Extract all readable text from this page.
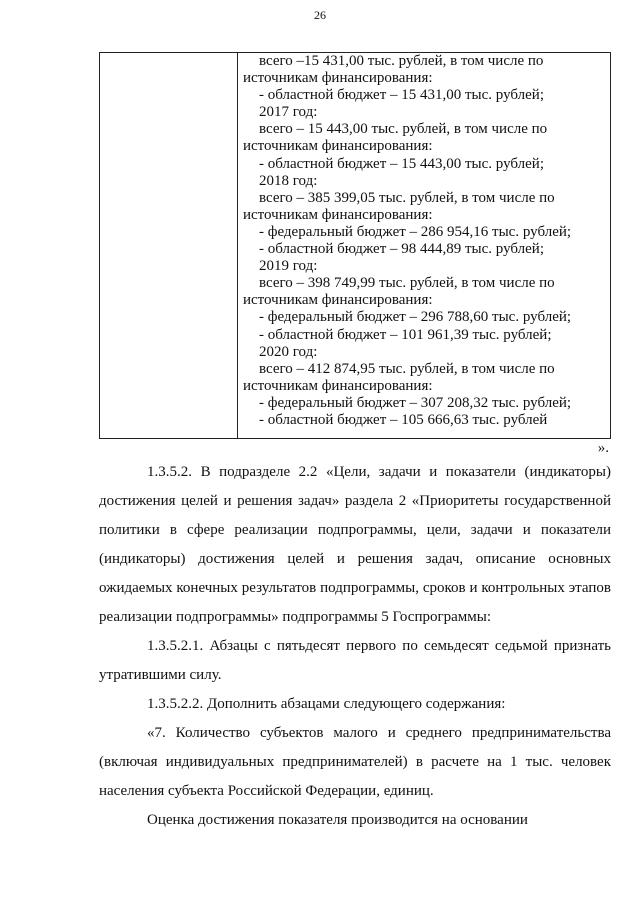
26
всего –15 431,00 тыс. рублей, в том числе по
источникам финансирования:
- областной бюджет – 15 431,00 тыс. рублей;
2017 год:
всего – 15 443,00 тыс. рублей, в том числе по
источникам финансирования:
- областной бюджет – 15 443,00 тыс. рублей;
2018 год:
всего – 385 399,05 тыс. рублей, в том числе по
источникам финансирования:
- федеральный бюджет – 286 954,16 тыс. рублей;
- областной бюджет – 98 444,89 тыс. рублей;
2019 год:
всего – 398 749,99 тыс. рублей, в том числе по
источникам финансирования:
- федеральный бюджет – 296 788,60 тыс. рублей;
- областной бюджет – 101 961,39 тыс. рублей;
2020 год:
всего – 412 874,95 тыс. рублей, в том числе по
источникам финансирования:
- федеральный бюджет – 307 208,32 тыс. рублей;
- областной бюджет – 105 666,63 тыс. рублей
».

1.3.5.2. В подразделе 2.2 «Цели, задачи и показатели (индикаторы) достижения целей и решения задач» раздела 2 «Приоритеты государственной политики в сфере реализации подпрограммы, цели, задачи и показатели (индикаторы) достижения целей и решения задач, описание основных ожидаемых конечных результатов подпрограммы, сроков и контрольных этапов реализации подпрограммы» подпрограммы 5 Госпрограммы:

1.3.5.2.1. Абзацы с пятьдесят первого по семьдесят седьмой признать утратившими силу.

1.3.5.2.2. Дополнить абзацами следующего содержания:

«7. Количество субъектов малого и среднего предпринимательства (включая индивидуальных предпринимателей) в расчете на 1 тыс. человек населения субъекта Российской Федерации, единиц.

Оценка достижения показателя производится на основании
